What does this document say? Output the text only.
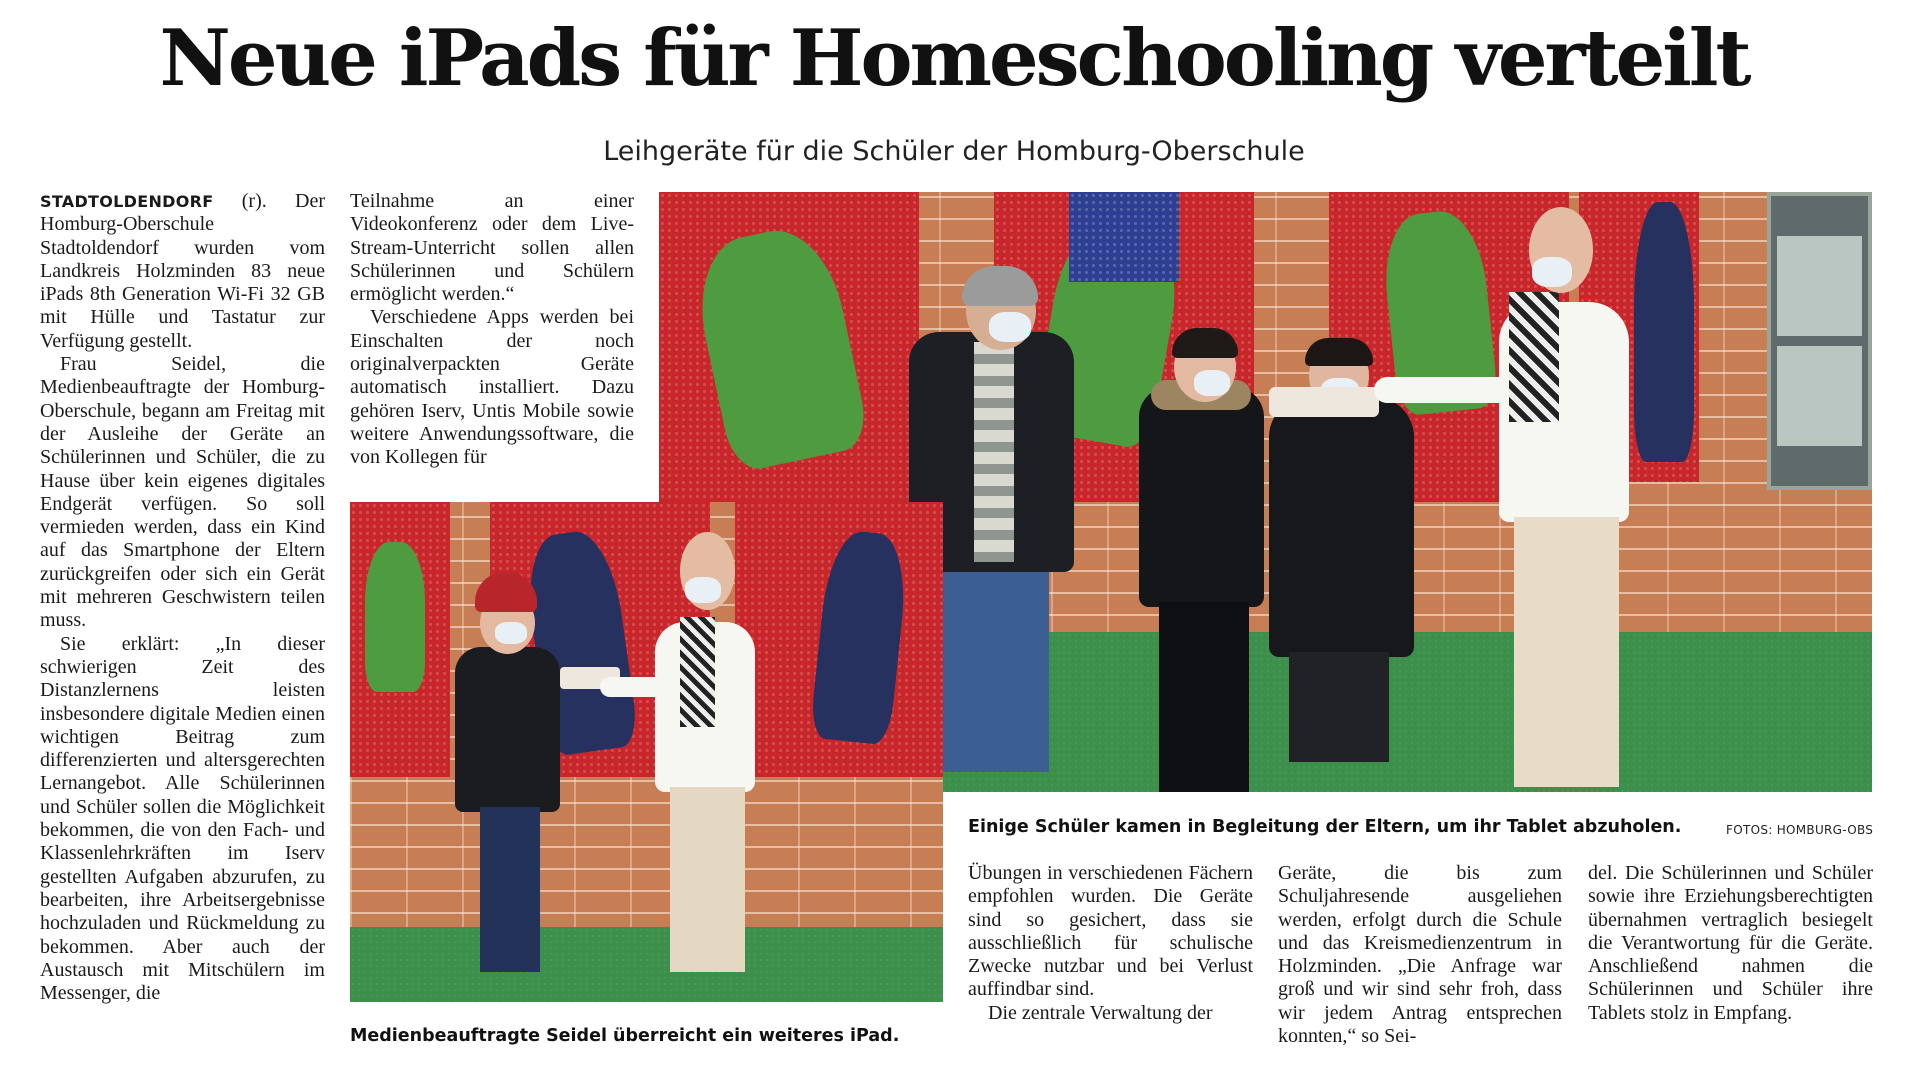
Neue iPads für Homeschooling verteilt
Leihgeräte für die Schüler der Homburg-Oberschule

STADTOLDENDORF (r). Der Homburg-Oberschule Stadtoldendorf wurden vom Landkreis Holzminden 83 neue iPads 8th Generation Wi-Fi 32 GB mit Hülle und Tastatur zur Verfügung gestellt.

Frau Seidel, die Medienbeauftragte der Homburg-Oberschule, begann am Freitag mit der Ausleihe der Geräte an Schülerinnen und Schüler, die zu Hause über kein eigenes digitales Endgerät verfügen. So soll vermieden werden, dass ein Kind auf das Smartphone der Eltern zurückgreifen oder sich ein Gerät mit mehreren Geschwistern teilen muss.

Sie erklärt: „In dieser schwierigen Zeit des Distanzlernens leisten insbesondere digitale Medien einen wichtigen Beitrag zum differenzierten und altersgerechten Lernangebot. Alle Schülerinnen und Schüler sollen die Möglichkeit bekommen, die von den Fach- und Klassenlehrkräften im Iserv gestellten Aufgaben abzurufen, zu bearbeiten, ihre Arbeitsergebnisse hochzuladen und Rückmeldung zu bekommen. Aber auch der Austausch mit Mitschülern im Messenger, die

Teilnahme an einer Videokonferenz oder dem Live-Stream-Unterricht sollen allen Schülerinnen und Schülern ermöglicht werden.“

Verschiedene Apps werden bei Einschalten der noch originalverpackten Geräte automatisch installiert. Dazu gehören Iserv, Untis Mobile sowie weitere Anwendungssoftware, die von Kollegen für

Übungen in verschiedenen Fächern empfohlen wurden. Die Geräte sind so gesichert, dass sie ausschließlich für schulische Zwecke nutzbar und bei Verlust auffindbar sind.

Die zentrale Verwaltung der

Geräte, die bis zum Schuljahresende ausgeliehen werden, erfolgt durch die Schule und das Kreismedienzentrum in Holzminden. „Die Anfrage war groß und wir sind sehr froh, dass wir jedem Antrag entsprechen konnten,“ so Sei-

del. Die Schülerinnen und Schüler sowie ihre Erziehungsberechtigten übernahmen vertraglich besiegelt die Verantwortung für die Geräte. Anschließend nahmen die Schülerinnen und Schüler ihre Tablets stolz in Empfang.

Einige Schüler kamen in Begleitung der Eltern, um ihr Tablet abzuholen.	FOTOS: HOMBURG-OBS
Medienbeauftragte Seidel überreicht ein weiteres iPad.
